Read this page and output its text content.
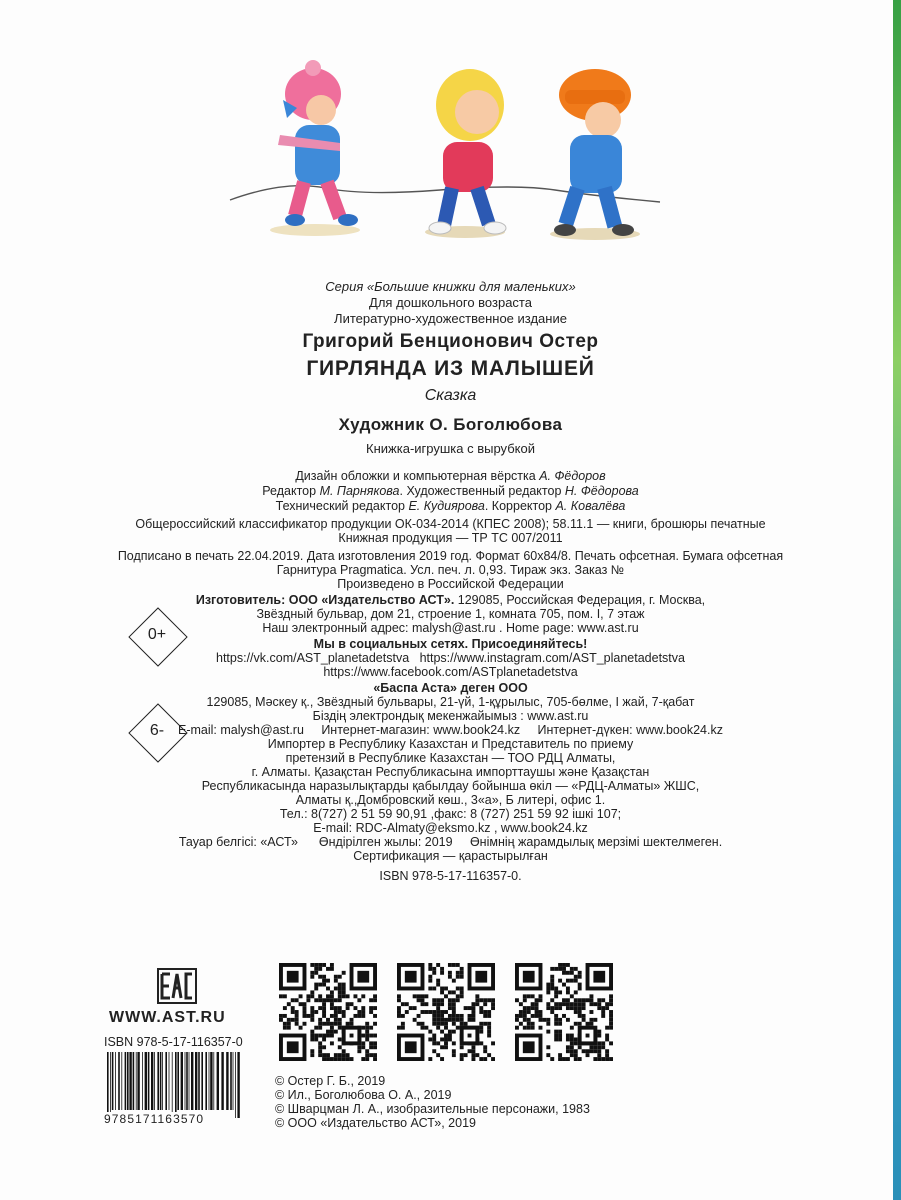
Серия «Большие книжки для маленьких»
Для дошкольного возраста
Литературно-художественное издание
Григорий Бенционович Остер
ГИРЛЯНДА ИЗ МАЛЫШЕЙ
Сказка
Художник О. Боголюбова
Книжка-игрушка с вырубкой
Дизайн обложки и компьютерная вёрстка А. Фёдоров
Редактор М. Парнякова. Художественный редактор Н. Фёдорова
Технический редактор Е. Кудиярова. Корректор А. Ковалёва
Общероссийский классификатор продукции ОК-034-2014 (КПЕС 2008); 58.11.1 — книги, брошюры печатные
Книжная продукция — ТР ТС 007/2011
Подписано в печать 22.04.2019. Дата изготовления 2019 год. Формат 60x84/8. Печать офсетная. Бумага офсетная
Гарнитура Pragmatica. Усл. печ. л. 0,93. Тираж экз. Заказ №
Произведено в Российской Федерации
Изготовитель: ООО «Издательство АСТ». 129085, Российская Федерация, г. Москва,
Звёздный бульвар, дом 21, строение 1, комната 705, пом. I, 7 этаж
Наш электронный адрес: malysh@ast.ru . Home page: www.ast.ru
Мы в социальных сетях. Присоединяйтесь!
https://vk.com/AST_planetadetstva https://www.instagram.com/AST_planetadetstva
https://www.facebook.com/ASTplanetadetstva
«Баспа Аста» деген ООО
129085, Мәскеу қ., Звёздный бульвары, 21-үй, 1-құрылыс, 705-бөлме, I жай, 7-қабат
Біздің электрондық мекенжайымыз : www.ast.ru
E-mail: malysh@ast.ru Интернет-магазин: www.book24.kz Интернет-дүкен: www.book24.kz
Импортер в Республику Казахстан и Представитель по приему
претензий в Республике Казахстан — ТОО РДЦ Алматы,
г. Алматы. Қазақстан Республикасына импорттаушы және Қазақстан
Республикасында наразылықтарды қабылдау бойынша өкіл — «РДЦ-Алматы» ЖШС,
Алматы қ.,Домбровский көш., 3«а», Б литері, офис 1.
Тел.: 8(727) 2 51 59 90,91 ,факс: 8 (727) 251 59 92 ішкі 107;
E-mail: RDC-Almaty@eksmo.kz , www.book24.kz
Тауар белгісі: «АСТ» Өндірілген жылы: 2019 Өнімнің жарамдылық мерзімі шектелмеген.
Сертификация — қарастырылған
ISBN 978-5-17-116357-0.
0+
6-
WWW.AST.RU
ISBN 978-5-17-116357-0
9785171163570
© Остер Г. Б., 2019
© Ил., Боголюбова О. А., 2019
© Шварцман Л. А., изобразительные персонажи, 1983
© ООО «Издательство АСТ», 2019
